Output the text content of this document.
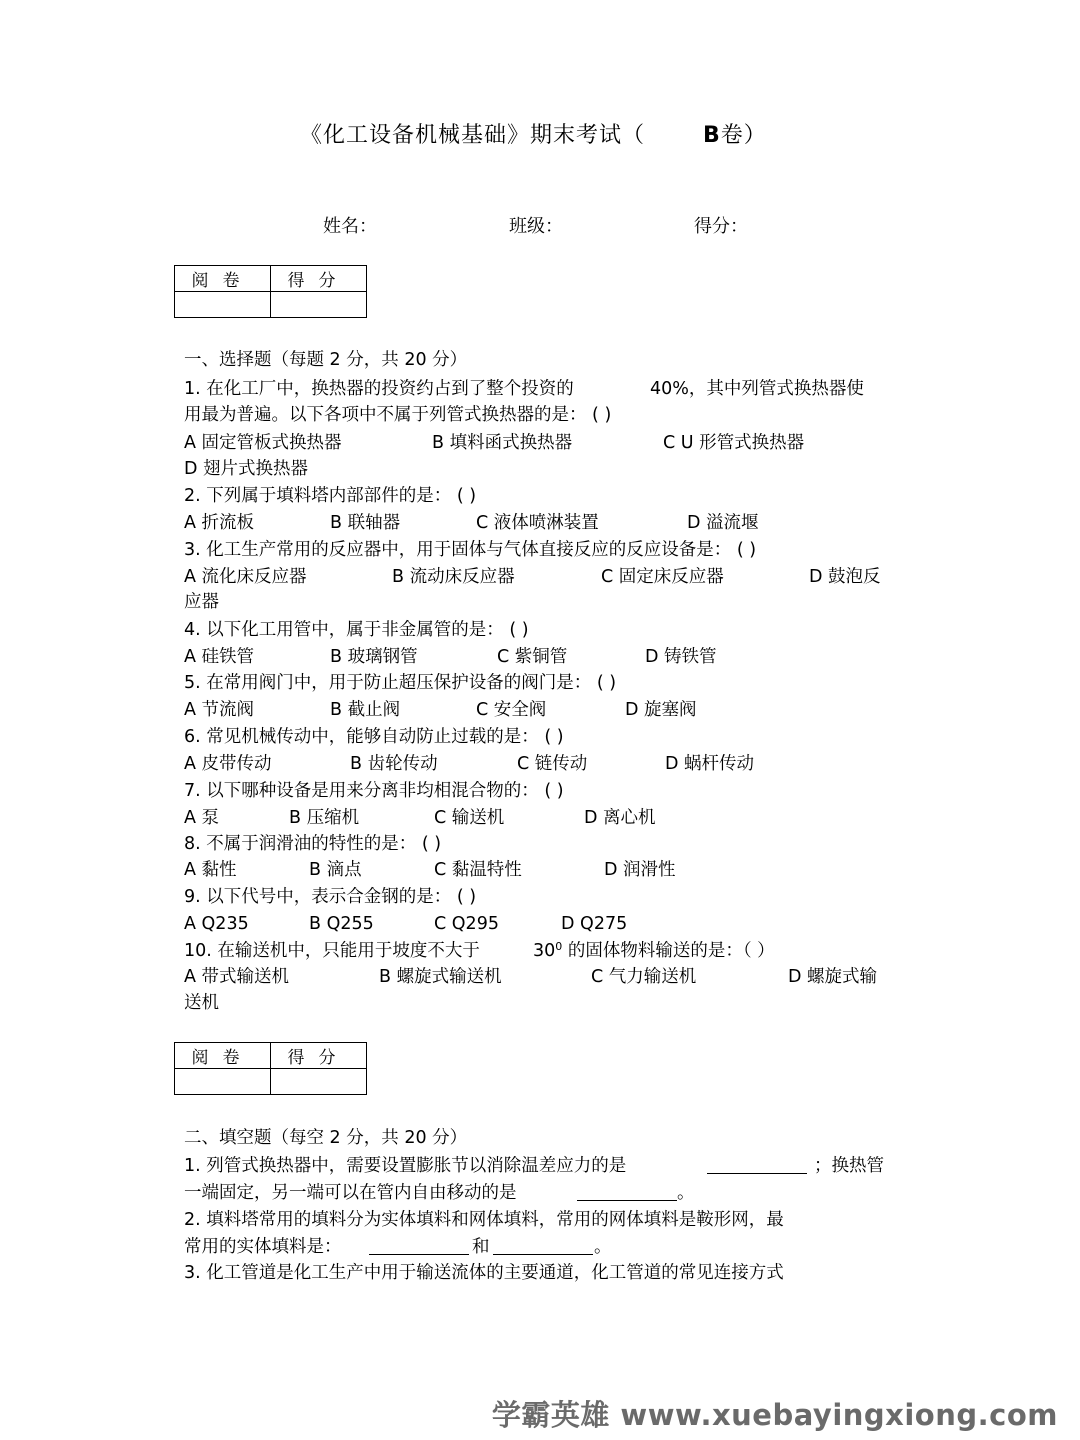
《化工设备机械基础》期末考试（	B卷）
姓名：	班级：	得分：
阅卷	得分

一、选择题（每题 2 分，共 20 分）
1. 在化工厂中，换热器的投资约占到了整个投资的	40%，其中列管式换热器使
用最为普遍。以下各项中不属于列管式换热器的是： ( )
A 固定管板式换热器	B 填料函式换热器	C U 形管式换热器
D 翅片式换热器
2. 下列属于填料塔内部部件的是： ( )
A 折流板	B 联轴器	C 液体喷淋装置	D 溢流堰
3. 化工生产常用的反应器中，用于固体与气体直接反应的反应设备是： ( )
A 流化床反应器	B 流动床反应器	C 固定床反应器	D 鼓泡反
应器
4. 以下化工用管中，属于非金属管的是： ( )
A 硅铁管	B 玻璃钢管	C 紫铜管	D 铸铁管
5. 在常用阀门中，用于防止超压保护设备的阀门是： ( )
A 节流阀	B 截止阀	C 安全阀	D 旋塞阀
6. 常见机械传动中，能够自动防止过载的是： ( )
A 皮带传动	B 齿轮传动	C 链传动	D 蜗杆传动
7. 以下哪种设备是用来分离非均相混合物的： ( )
A 泵	B 压缩机	C 输送机	D 离心机
8. 不属于润滑油的特性的是： ( )
A 黏性	B 滴点	C 黏温特性	D 润滑性
9. 以下代号中，表示合金钢的是： ( )
A Q235	B Q255	C Q295	D Q275
10. 在输送机中，只能用于坡度不大于	$30^0$ 的固体物料输送的是：（ ）
A 带式输送机	B 螺旋式输送机	C 气力输送机	D 螺旋式输
送机
阅卷	得分

二、填空题（每空 2 分，共 20 分）
1. 列管式换热器中，需要设置膨胀节以消除温差应力的是	；换热管
一端固定，另一端可以在管内自由移动的是	。
2. 填料塔常用的填料分为实体填料和网体填料，常用的网体填料是鞍形网，最
常用的实体填料是：	和	。
3. 化工管道是化工生产中用于输送流体的主要通道，化工管道的常见连接方式
学霸英雄 www.xuebayingxiong.com
